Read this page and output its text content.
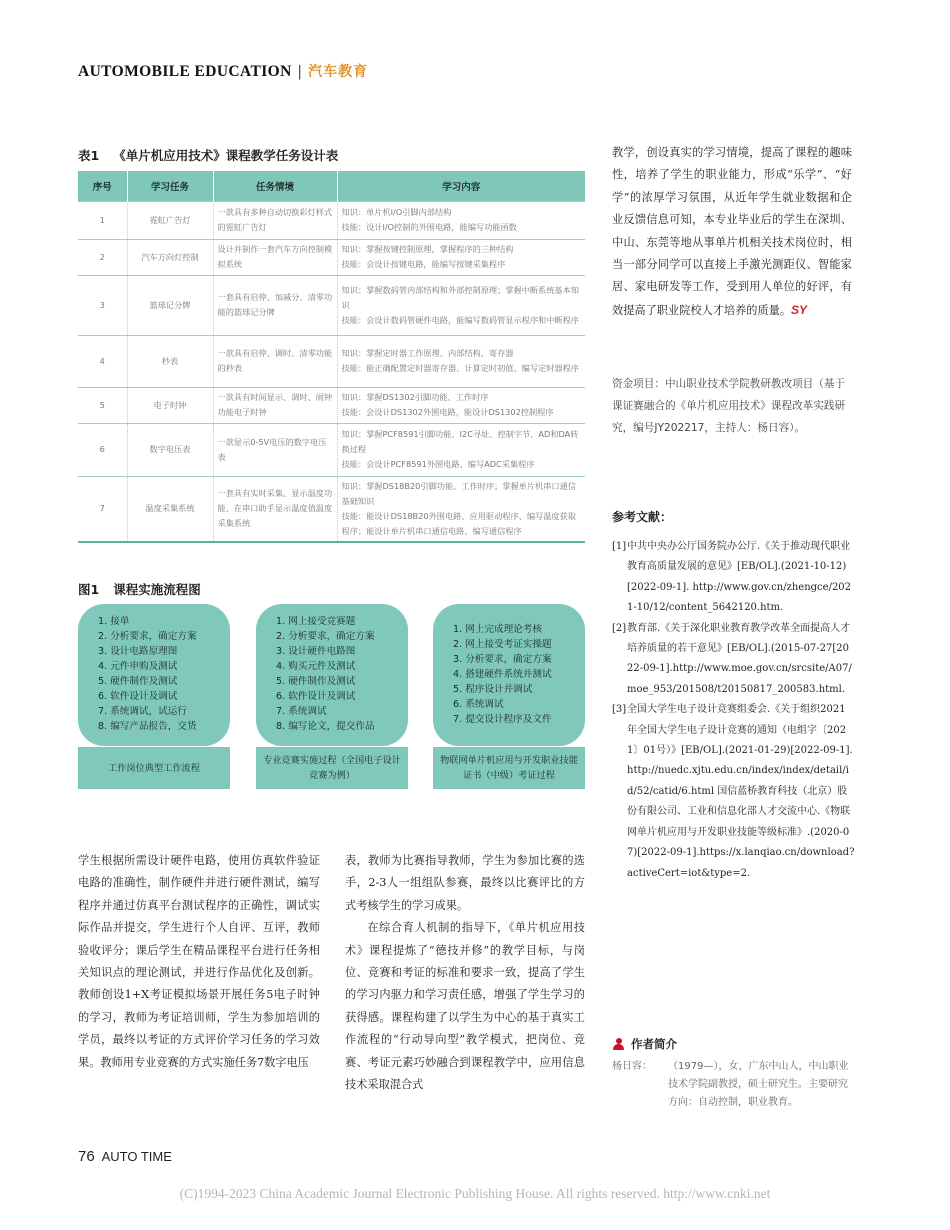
AUTOMOBILE EDUCATION | 汽车教育
表1 《单片机应用技术》课程教学任务设计表
序号	学习任务	任务情境	学习内容
1	霓虹广告灯	一款具有多种自动切换彩灯样式的霓虹广告灯	知识：单片机I/O引脚内部结构
技能：设计I/O控制的外围电路，能编写功能函数

2	汽车方向灯控制	设计并制作一套汽车方向控制模拟系统	知识：掌握按键控制原理，掌握程序的三种结构
技能：会设计按键电路，能编写按键采集程序

3	篮球记分牌	一套具有启停、加减分、清零功能的篮球记分牌	知识：掌握数码管内部结构和外部控制原理；掌握中断系统基本知识
技能：会设计数码管硬件电路，能编写数码管显示程序和中断程序

4	秒表	一款具有启停、调时、清零功能的秒表	知识：掌握定时器工作原理、内部结构、寄存器
技能：能正确配置定时器寄存器、计算定时初值、编写定时器程序

5	电子时钟	一款具有时间显示、调时、闹钟功能电子时钟	知识：掌握DS1302引脚功能、工作时序
技能：会设计DS1302外围电路，能设计DS1302控制程序

6	数字电压表	一款显示0-5V电压的数字电压表	知识：掌握PCF8591引脚功能、I2C寻址、控制字节、AD和DA转换过程
技能：会设计PCF8591外围电路、编写ADC采集程序

7	温度采集系统	一套具有实时采集、显示温度功能、在串口助手显示温度值温度采集系统	知识：掌握DS18B20引脚功能、工作时序；掌握单片机串口通信基础知识
技能：能设计DS18B20外围电路、应用驱动程序、编写温度获取程序；能设计单片机串口通信电路、编写通信程序
图1 课程实施流程图
1. 接单
2. 分析要求，确定方案
3. 设计电路原理图
4. 元件申购及测试
5. 硬件制作及测试
6. 软件设计及调试
7. 系统调试，试运行
8. 编写产品报告，交货
工作岗位典型工作流程
1. 网上接受竞赛题
2. 分析要求，确定方案
3. 设计硬件电路图
4. 购买元件及测试
5. 硬件制作及测试
6. 软件设计及调试
7. 系统调试
8. 编写论文，提交作品
专业竞赛实施过程（全国电子设计竞赛为例）
1. 网上完成理论考核
2. 网上接受考证实操题
3. 分析要求，确定方案
4. 搭建硬件系统并测试
5. 程序设计并调试
6. 系统调试
7. 提交设计程序及文件
物联网单片机应用与开发职业技能证书（中级）考证过程
教学，创设真实的学习情境，提高了课程的趣味性，培养了学生的职业能力，形成“乐学”、“好学”的浓厚学习氛围，从近年学生就业数据和企业反馈信息可知，本专业毕业后的学生在深圳、中山、东莞等地从事单片机相关技术岗位时，相当一部分同学可以直接上手激光测距仪、智能家居、家电研发等工作，受到用人单位的好评，有效提高了职业院校人才培养的质量。SY
资金项目：中山职业技术学院教研教改项目（基于课证赛融合的《单片机应用技术》课程改革实践研究，编号JY202217，主持人：杨日容）。
参考文献：
[1] 中共中央办公厅国务院办公厅.《关于推动现代职业教育高质量发展的意见》[EB/OL].(2021-10-12)[2022-09-1]. http://www.gov.cn/zhengce/2021-10/12/content_5642120.htm.
[2] 教育部.《关于深化职业教育教学改革全面提高人才培养质量的若干意见》[EB/OL].(2015-07-27[2022-09-1].http://www.moe.gov.cn/srcsite/A07/moe_953/201508/t20150817_200583.html.
[3] 全国大学生电子设计竞赛组委会.《关于组织2021年全国大学生电子设计竞赛的通知（电组字〔2021〕01号）》[EB/OL].(2021-01-29)[2022-09-1].http://nuedc.xjtu.edu.cn/index/index/detail/id/52/catid/6.html 国信蓝桥教育科技（北京）股份有限公司、工业和信息化部人才交流中心.《物联网单片机应用与开发职业技能等级标准》.(2020-07)[2022-09-1].https://x.lanqiao.cn/download?activeCert=iot&type=2.
学生根据所需设计硬件电路，使用仿真软件验证电路的准确性，制作硬件并进行硬件测试，编写程序并通过仿真平台测试程序的正确性，调试实际作品并提交，学生进行个人自评、互评，教师验收评分；课后学生在精品课程平台进行任务相关知识点的理论测试，并进行作品优化及创新。教师创设1+X考证模拟场景开展任务5电子时钟的学习，教师为考证培训师，学生为参加培训的学员，最终以考证的方式评价学习任务的学习效果。教师用专业竞赛的方式实施任务7数字电压
表，教师为比赛指导教师，学生为参加比赛的选手，2-3人一组组队参赛，最终以比赛评比的方式考核学生的学习成果。
在综合育人机制的指导下，《单片机应用技术》课程提炼了“德技并修”的教学目标，与岗位、竞赛和考证的标准和要求一致，提高了学生的学习内驱力和学习责任感，增强了学生学习的获得感。课程构建了以学生为中心的基于真实工作流程的“行动导向型”教学模式，把岗位、竞赛、考证元素巧妙融合到课程教学中，应用信息技术采取混合式
作者简介
杨日容：	（1979—），女，广东中山人，中山职业技术学院副教授，硕士研究生。主要研究方向：自动控制，职业教育。
76 AUTO TIME
(C)1994-2023 China Academic Journal Electronic Publishing House. All rights reserved. http://www.cnki.net
